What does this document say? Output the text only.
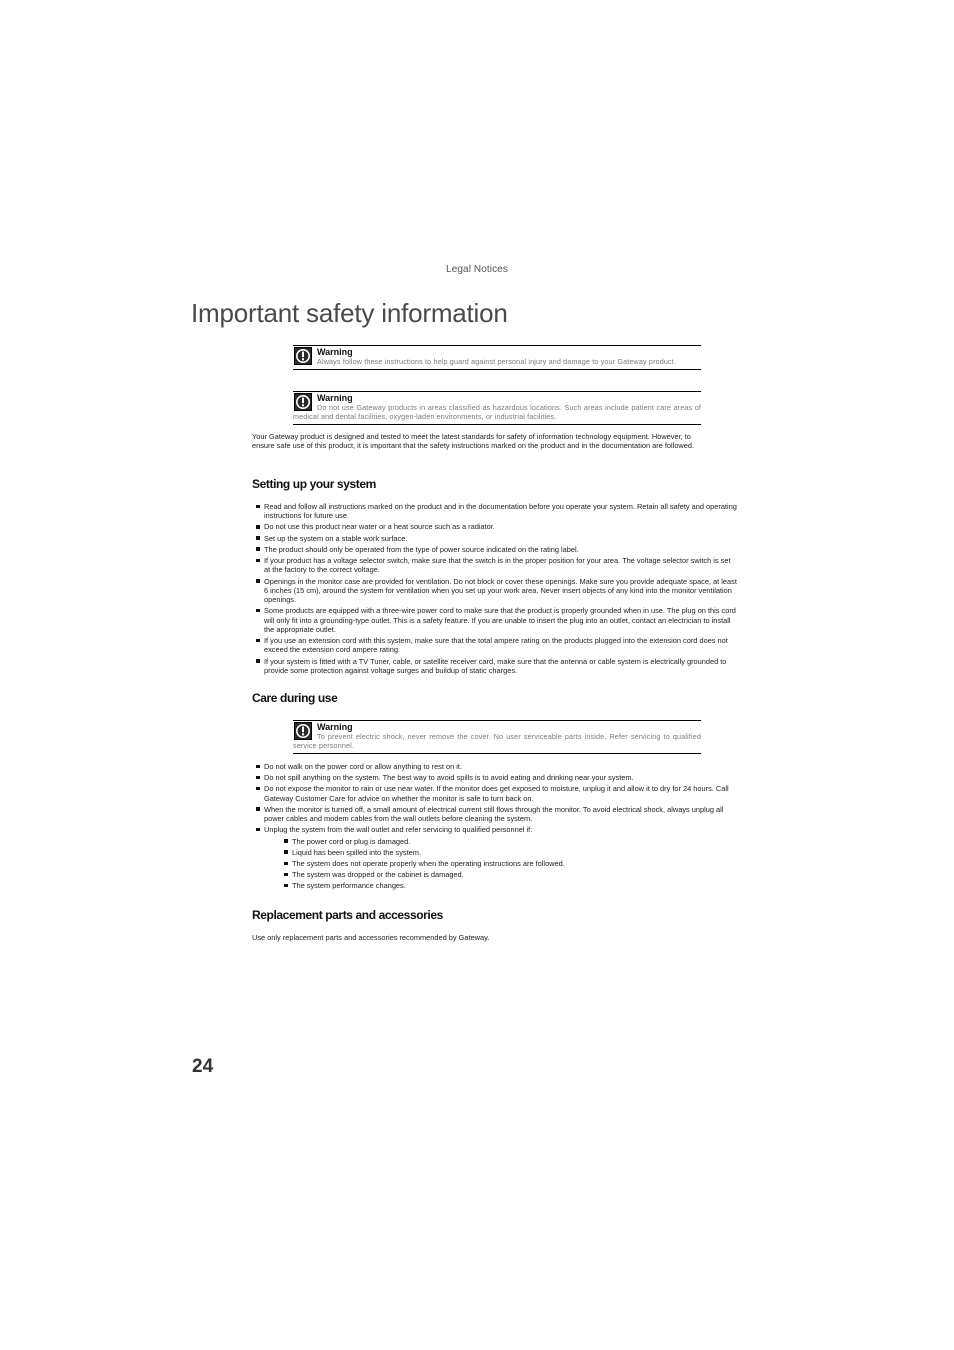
Legal Notices
Important safety information
Warning
Always follow these instructions to help guard against personal injury and damage to your Gateway product.
Warning
Do not use Gateway products in areas classified as hazardous locations. Such areas include patient care areas of medical and dental facilities, oxygen-laden environments, or industrial facilities.

Your Gateway product is designed and tested to meet the latest standards for safety of information technology equipment. However, to ensure safe use of this product, it is important that the safety instructions marked on the product and in the documentation are followed.

Setting up your system
Read and follow all instructions marked on the product and in the documentation before you operate your system. Retain all safety and operating instructions for future use.
Do not use this product near water or a heat source such as a radiator.
Set up the system on a stable work surface.
The product should only be operated from the type of power source indicated on the rating label.
If your product has a voltage selector switch, make sure that the switch is in the proper position for your area. The voltage selector switch is set at the factory to the correct voltage.
Openings in the monitor case are provided for ventilation. Do not block or cover these openings. Make sure you provide adequate space, at least 6 inches (15 cm), around the system for ventilation when you set up your work area. Never insert objects of any kind into the monitor ventilation openings.
Some products are equipped with a three-wire power cord to make sure that the product is properly grounded when in use. The plug on this cord will only fit into a grounding-type outlet. This is a safety feature. If you are unable to insert the plug into an outlet, contact an electrician to install the appropriate outlet.
If you use an extension cord with this system, make sure that the total ampere rating on the products plugged into the extension cord does not exceed the extension cord ampere rating.
If your system is fitted with a TV Tuner, cable, or satellite receiver card, make sure that the antenna or cable system is electrically grounded to provide some protection against voltage surges and buildup of static charges.
Care during use
Warning
To prevent electric shock, never remove the cover. No user serviceable parts inside. Refer servicing to qualified service personnel.
Do not walk on the power cord or allow anything to rest on it.
Do not spill anything on the system. The best way to avoid spills is to avoid eating and drinking near your system.
Do not expose the monitor to rain or use near water. If the monitor does get exposed to moisture, unplug it and allow it to dry for 24 hours. Call Gateway Customer Care for advice on whether the monitor is safe to turn back on.
When the monitor is turned off, a small amount of electrical current still flows through the monitor. To avoid electrical shock, always unplug all power cables and modem cables from the wall outlets before cleaning the system.
Unplug the system from the wall outlet and refer servicing to qualified personnel if:
The power cord or plug is damaged.
Liquid has been spilled into the system.
The system does not operate properly when the operating instructions are followed.
The system was dropped or the cabinet is damaged.
The system performance changes.
Replacement parts and accessories

Use only replacement parts and accessories recommended by Gateway.

24
